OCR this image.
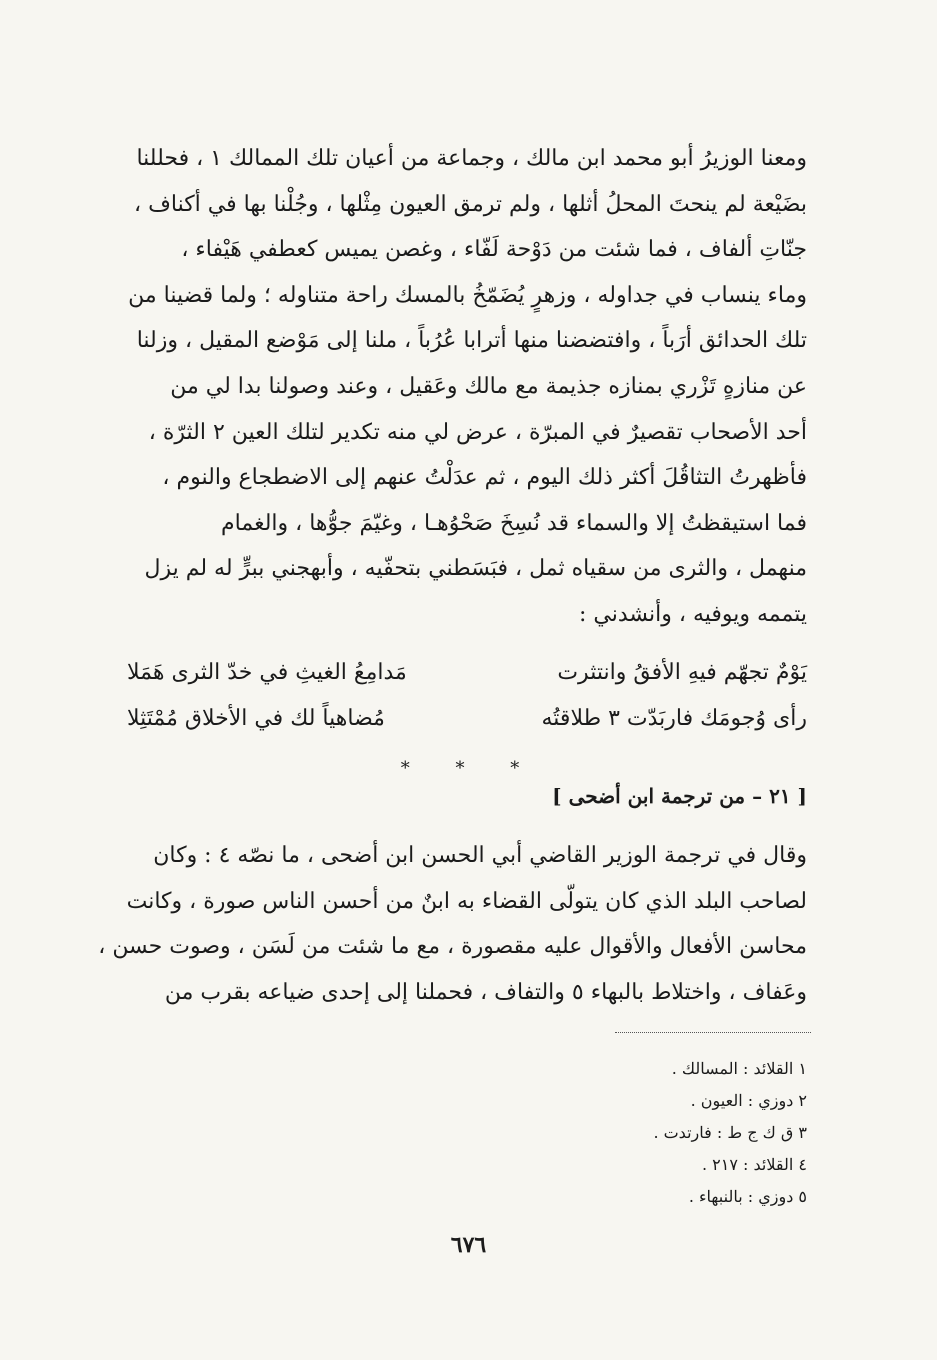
ومعنا الوزيرُ أبو محمد ابن مالك ، وجماعة من أعيان تلك الممالك ١ ، فحللنا
بضَيْعة لم ينحتَ المحلُ أثلها ، ولم ترمق العيون مِثْلها ، وجُلْنا بها في أكناف ،
جنّاتِ ألفاف ، فما شئت من دَوْحة لَفّاء ، وغصن يميس كعطفي هَيْفاء ،
وماء ينساب في جداوله ، وزهرٍ يُضَمّخُ بالمسك راحة متناوله ؛ ولما قضينا من
تلك الحدائق أرَباً ، وافتضضنا منها أترابا عُرُباً ، ملنا إلى مَوْضع المقيل ، وزلنا
عن منازهٍ تَزْري بمنازه جذيمة مع مالك وعَقيل ، وعند وصولنا بدا لي من
أحد الأصحاب تقصيرٌ في المبرّة ، عرض لي منه تكدير لتلك العين ٢ الثرّة ،
فأظهرتُ التثاقُلَ أكثر ذلك اليوم ، ثم عدَلْتُ عنهم إلى الاضطجاع والنوم ،
فما استيقظتُ إلا والسماء قد نُسِخَ صَحْوُهـا ، وغيّمَ جوُّها ، والغمام
منهمل ، والثرى من سقياه ثمل ، فبَسَطني بتحفّيه ، وأبهجني ببرٍّ له لم يزل
يتممه ويوفيه ، وأنشدني :
يَوْمٌ تجهّم فيهِ الأفقُ وانتثرت
مَدامِعُ الغيثِ في خدّ الثرى هَمَلا
رأى وُجومَك فاربَدّت ٣ طلاقتُه
مُضاهياً لك في الأخلاق مُمْتَثِلا
* * *
[ ٢١ – من ترجمة ابن أضحى ]
وقال في ترجمة الوزير القاضي أبي الحسن ابن أضحى ، ما نصّه ٤ : وكان
لصاحب البلد الذي كان يتولّى القضاء به ابنٌ من أحسن الناس صورة ، وكانت
محاسن الأفعال والأقوال عليه مقصورة ، مع ما شئت من لَسَن ، وصوت حسن ،
وعَفاف ، واختلاط بالبهاء ٥ والتفاف ، فحملنا إلى إحدى ضياعه بقرب من
١ القلائد : المسالك .
٢ دوزي : العيون .
٣ ق ك ج ط : فارتدت .
٤ القلائد : ٢١٧ .
٥ دوزي : بالنبهاء .
٦٧٦
